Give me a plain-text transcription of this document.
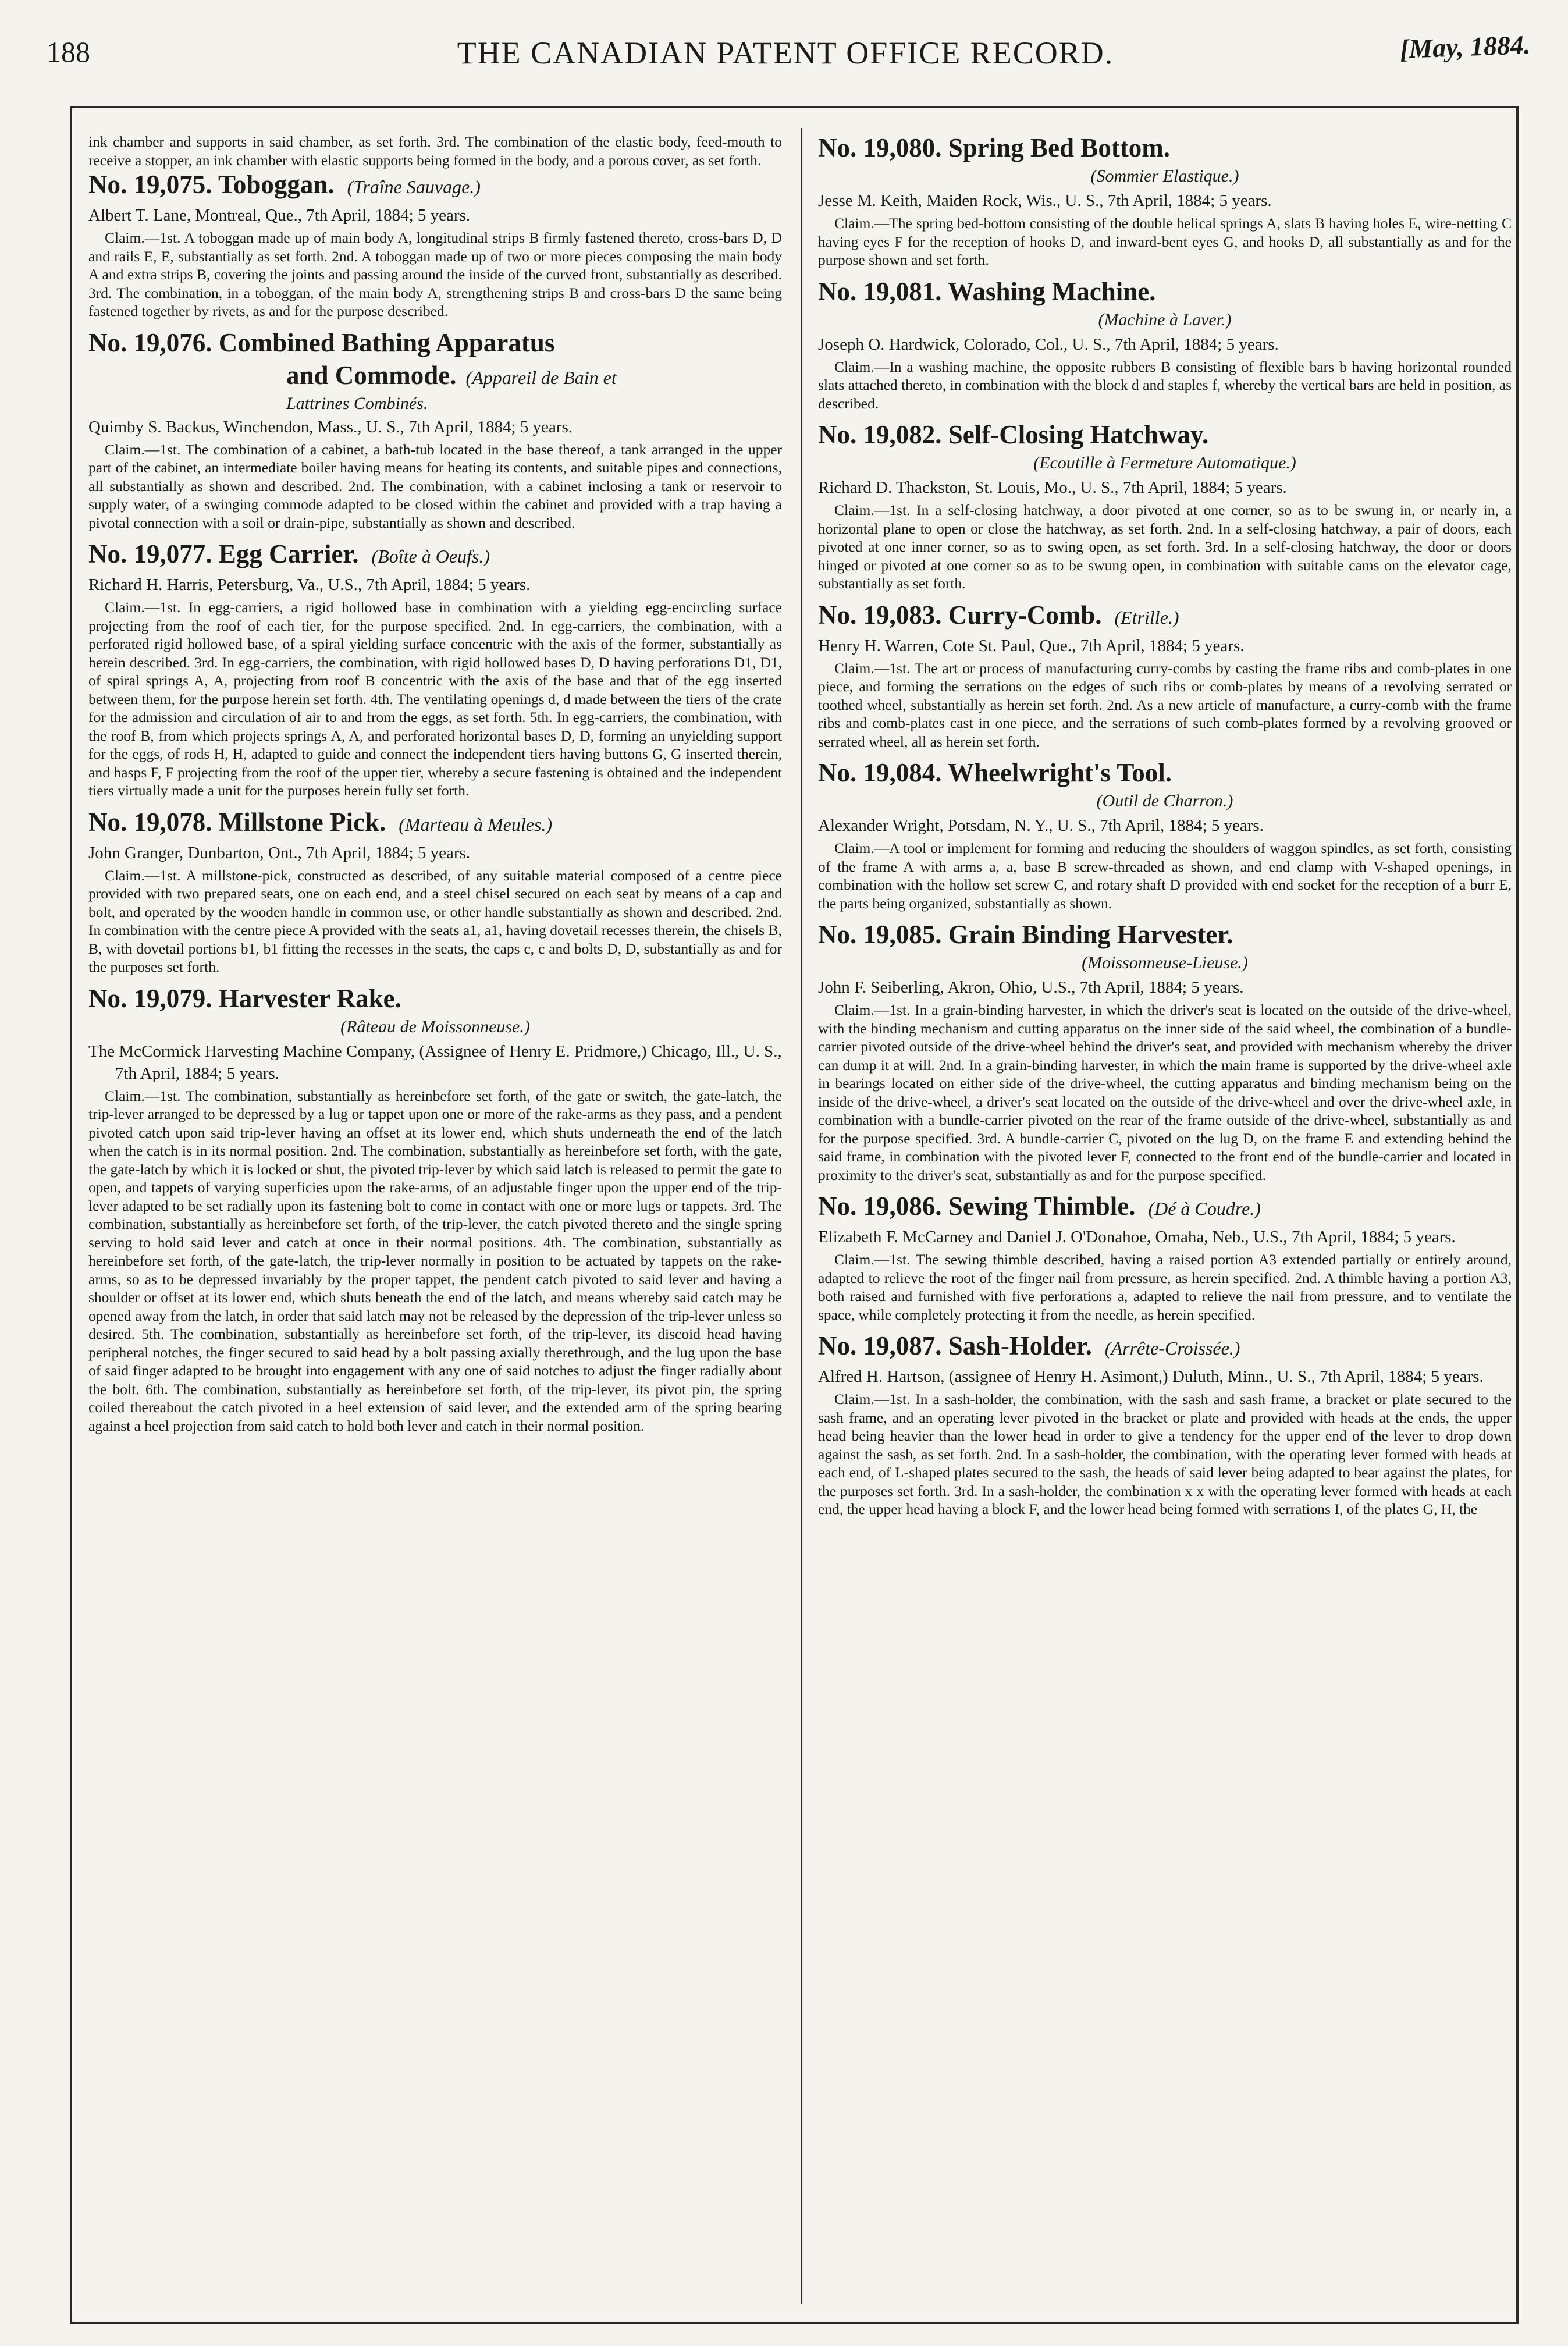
188	THE CANADIAN PATENT OFFICE RECORD.	[May, 1884.

ink chamber and supports in said chamber, as set forth. 3rd. The combination of the elastic body, feed-mouth to receive a stopper, an ink chamber with elastic supports being formed in the body, and a porous cover, as set forth.

No. 19,075. Toboggan. (Traîne Sauvage.)
Albert T. Lane, Montreal, Que., 7th April, 1884; 5 years.

Claim.—1st. A toboggan made up of main body A, longitudinal strips B firmly fastened thereto, cross-bars D, D and rails E, E, substantially as set forth. 2nd. A toboggan made up of two or more pieces composing the main body A and extra strips B, covering the joints and passing around the inside of the curved front, substantially as described. 3rd. The combination, in a toboggan, of the main body A, strengthening strips B and cross-bars D the same being fastened together by rivets, as and for the purpose described.

No. 19,076. Combined Bathing Apparatus
and Commode. (Appareil de Bain et
Lattrines Combinés.
Quimby S. Backus, Winchendon, Mass., U. S., 7th April, 1884; 5 years.

Claim.—1st. The combination of a cabinet, a bath-tub located in the base thereof, a tank arranged in the upper part of the cabinet, an intermediate boiler having means for heating its contents, and suitable pipes and connections, all substantially as shown and described. 2nd. The combination, with a cabinet inclosing a tank or reservoir to supply water, of a swinging commode adapted to be closed within the cabinet and provided with a trap having a pivotal connection with a soil or drain-pipe, substantially as shown and described.

No. 19,077. Egg Carrier. (Boîte à Oeufs.)
Richard H. Harris, Petersburg, Va., U.S., 7th April, 1884; 5 years.

Claim.—1st. In egg-carriers, a rigid hollowed base in combination with a yielding egg-encircling surface projecting from the roof of each tier, for the purpose specified. 2nd. In egg-carriers, the combination, with a perforated rigid hollowed base, of a spiral yielding surface concentric with the axis of the former, substantially as herein described. 3rd. In egg-carriers, the combination, with rigid hollowed bases D, D having perforations D1, D1, of spiral springs A, A, projecting from roof B concentric with the axis of the base and that of the egg inserted between them, for the purpose herein set forth. 4th. The ventilating openings d, d made between the tiers of the crate for the admission and circulation of air to and from the eggs, as set forth. 5th. In egg-carriers, the combination, with the roof B, from which projects springs A, A, and perforated horizontal bases D, D, forming an unyielding support for the eggs, of rods H, H, adapted to guide and connect the independent tiers having buttons G, G inserted therein, and hasps F, F projecting from the roof of the upper tier, whereby a secure fastening is obtained and the independent tiers virtually made a unit for the purposes herein fully set forth.

No. 19,078. Millstone Pick. (Marteau à Meules.)
John Granger, Dunbarton, Ont., 7th April, 1884; 5 years.

Claim.—1st. A millstone-pick, constructed as described, of any suitable material composed of a centre piece provided with two prepared seats, one on each end, and a steel chisel secured on each seat by means of a cap and bolt, and operated by the wooden handle in common use, or other handle substantially as shown and described. 2nd. In combination with the centre piece A provided with the seats a1, a1, having dovetail recesses therein, the chisels B, B, with dovetail portions b1, b1 fitting the recesses in the seats, the caps c, c and bolts D, D, substantially as and for the purposes set forth.

No. 19,079. Harvester Rake.
(Râteau de Moissonneuse.)
The McCormick Harvesting Machine Company, (Assignee of Henry E. Pridmore,) Chicago, Ill., U. S., 7th April, 1884; 5 years.

Claim.—1st. The combination, substantially as hereinbefore set forth, of the gate or switch, the gate-latch, the trip-lever arranged to be depressed by a lug or tappet upon one or more of the rake-arms as they pass, and a pendent pivoted catch upon said trip-lever having an offset at its lower end, which shuts underneath the end of the latch when the catch is in its normal position. 2nd. The combination, substantially as hereinbefore set forth, with the gate, the gate-latch by which it is locked or shut, the pivoted trip-lever by which said latch is released to permit the gate to open, and tappets of varying superficies upon the rake-arms, of an adjustable finger upon the upper end of the trip-lever adapted to be set radially upon its fastening bolt to come in contact with one or more lugs or tappets. 3rd. The combination, substantially as hereinbefore set forth, of the trip-lever, the catch pivoted thereto and the single spring serving to hold said lever and catch at once in their normal positions. 4th. The combination, substantially as hereinbefore set forth, of the gate-latch, the trip-lever normally in position to be actuated by tappets on the rake-arms, so as to be depressed invariably by the proper tappet, the pendent catch pivoted to said lever and having a shoulder or offset at its lower end, which shuts beneath the end of the latch, and means whereby said catch may be opened away from the latch, in order that said latch may not be released by the depression of the trip-lever unless so desired. 5th. The combination, substantially as hereinbefore set forth, of the trip-lever, its discoid head having peripheral notches, the finger secured to said head by a bolt passing axially therethrough, and the lug upon the base of said finger adapted to be brought into engagement with any one of said notches to adjust the finger radially about the bolt. 6th. The combination, substantially as hereinbefore set forth, of the trip-lever, its pivot pin, the spring coiled thereabout the catch pivoted in a heel extension of said lever, and the extended arm of the spring bearing against a heel projection from said catch to hold both lever and catch in their normal position.

No. 19,080. Spring Bed Bottom.
(Sommier Elastique.)
Jesse M. Keith, Maiden Rock, Wis., U. S., 7th April, 1884; 5 years.

Claim.—The spring bed-bottom consisting of the double helical springs A, slats B having holes E, wire-netting C having eyes F for the reception of hooks D, and inward-bent eyes G, and hooks D, all substantially as and for the purpose shown and set forth.

No. 19,081. Washing Machine.
(Machine à Laver.)
Joseph O. Hardwick, Colorado, Col., U. S., 7th April, 1884; 5 years.

Claim.—In a washing machine, the opposite rubbers B consisting of flexible bars b having horizontal rounded slats attached thereto, in combination with the block d and staples f, whereby the vertical bars are held in position, as described.

No. 19,082. Self-Closing Hatchway.
(Ecoutille à Fermeture Automatique.)
Richard D. Thackston, St. Louis, Mo., U. S., 7th April, 1884; 5 years.

Claim.—1st. In a self-closing hatchway, a door pivoted at one corner, so as to be swung in, or nearly in, a horizontal plane to open or close the hatchway, as set forth. 2nd. In a self-closing hatchway, a pair of doors, each pivoted at one inner corner, so as to swing open, as set forth. 3rd. In a self-closing hatchway, the door or doors hinged or pivoted at one corner so as to be swung open, in combination with suitable cams on the elevator cage, substantially as set forth.

No. 19,083. Curry-Comb. (Etrille.)
Henry H. Warren, Cote St. Paul, Que., 7th April, 1884; 5 years.

Claim.—1st. The art or process of manufacturing curry-combs by casting the frame ribs and comb-plates in one piece, and forming the serrations on the edges of such ribs or comb-plates by means of a revolving serrated or toothed wheel, substantially as herein set forth. 2nd. As a new article of manufacture, a curry-comb with the frame ribs and comb-plates cast in one piece, and the serrations of such comb-plates formed by a revolving grooved or serrated wheel, all as herein set forth.

No. 19,084. Wheelwright's Tool.
(Outil de Charron.)
Alexander Wright, Potsdam, N. Y., U. S., 7th April, 1884; 5 years.

Claim.—A tool or implement for forming and reducing the shoulders of waggon spindles, as set forth, consisting of the frame A with arms a, a, base B screw-threaded as shown, and end clamp with V-shaped openings, in combination with the hollow set screw C, and rotary shaft D provided with end socket for the reception of a burr E, the parts being organized, substantially as shown.

No. 19,085. Grain Binding Harvester.
(Moissonneuse-Lieuse.)
John F. Seiberling, Akron, Ohio, U.S., 7th April, 1884; 5 years.

Claim.—1st. In a grain-binding harvester, in which the driver's seat is located on the outside of the drive-wheel, with the binding mechanism and cutting apparatus on the inner side of the said wheel, the combination of a bundle-carrier pivoted outside of the drive-wheel behind the driver's seat, and provided with mechanism whereby the driver can dump it at will. 2nd. In a grain-binding harvester, in which the main frame is supported by the drive-wheel axle in bearings located on either side of the drive-wheel, the cutting apparatus and binding mechanism being on the inside of the drive-wheel, a driver's seat located on the outside of the drive-wheel and over the drive-wheel axle, in combination with a bundle-carrier pivoted on the rear of the frame outside of the drive-wheel, substantially as and for the purpose specified. 3rd. A bundle-carrier C, pivoted on the lug D, on the frame E and extending behind the said frame, in combination with the pivoted lever F, connected to the front end of the bundle-carrier and located in proximity to the driver's seat, substantially as and for the purpose specified.

No. 19,086. Sewing Thimble. (Dé à Coudre.)
Elizabeth F. McCarney and Daniel J. O'Donahoe, Omaha, Neb., U.S., 7th April, 1884; 5 years.

Claim.—1st. The sewing thimble described, having a raised portion A3 extended partially or entirely around, adapted to relieve the root of the finger nail from pressure, as herein specified. 2nd. A thimble having a portion A3, both raised and furnished with five perforations a, adapted to relieve the nail from pressure, and to ventilate the space, while completely protecting it from the needle, as herein specified.

No. 19,087. Sash-Holder. (Arrête-Croissée.)
Alfred H. Hartson, (assignee of Henry H. Asimont,) Duluth, Minn., U. S., 7th April, 1884; 5 years.

Claim.—1st. In a sash-holder, the combination, with the sash and sash frame, a bracket or plate secured to the sash frame, and an operating lever pivoted in the bracket or plate and provided with heads at the ends, the upper head being heavier than the lower head in order to give a tendency for the upper end of the lever to drop down against the sash, as set forth. 2nd. In a sash-holder, the combination, with the operating lever formed with heads at each end, of L-shaped plates secured to the sash, the heads of said lever being adapted to bear against the plates, for the purposes set forth. 3rd. In a sash-holder, the combination x x with the operating lever formed with heads at each end, the upper head having a block F, and the lower head being formed with serrations I, of the plates G, H, the
